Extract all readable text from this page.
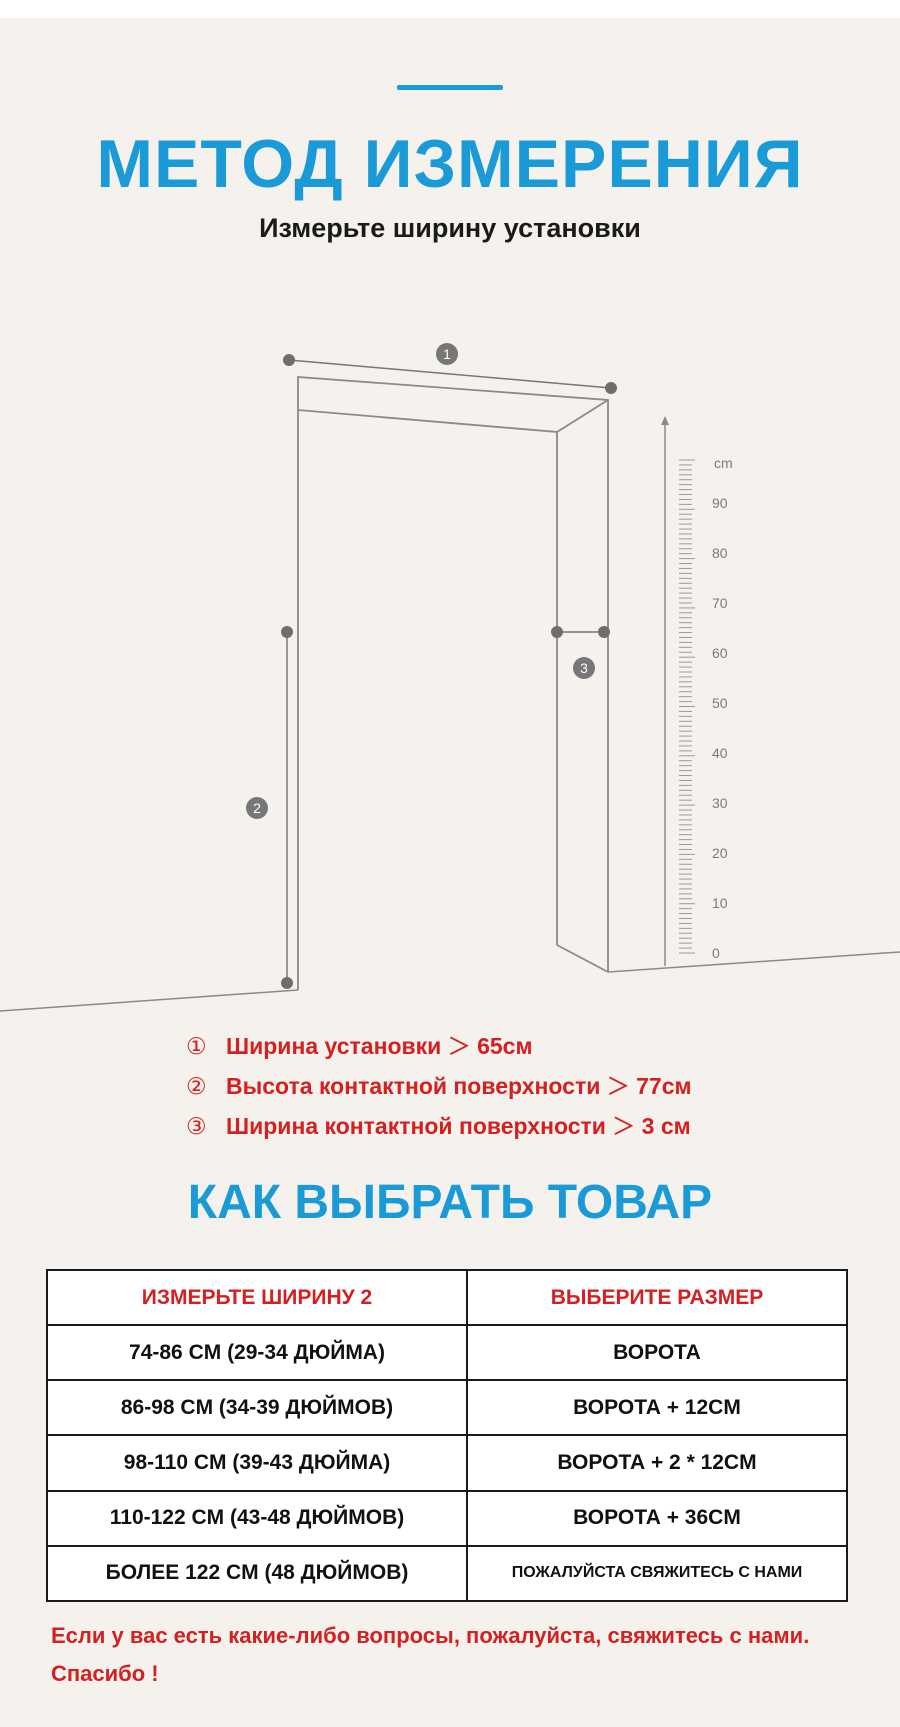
МЕТОД ИЗМЕРЕНИЯ
Измерьте ширину установки
1
2
3
cm
90
80
70
60
50
40
30
20
10
0
① Ширина установки ＞ 65cм
② Высота контактной поверхности ＞ 77cм
③ Ширина контактной поверхности ＞ 3 cм
КАК ВЫБРАТЬ ТОВАР
ИЗМЕРЬТЕ ШИРИНУ 2	ВЫБЕРИТЕ РАЗМЕР
74-86 CM (29-34 ДЮЙМА)	ВОРОТА
86-98 CM (34-39 ДЮЙМОВ)	ВОРОТА + 12CM
98-110 CM (39-43 ДЮЙМА)	ВОРОТА + 2 * 12CM
110-122 CM (43-48 ДЮЙМОВ)	ВОРОТА + 36CM
БОЛЕЕ 122 CM (48 ДЮЙМОВ)	ПОЖАЛУЙСТА СВЯЖИТЕСЬ С НАМИ
Если у вас есть какие-либо вопросы, пожалуйста, свяжитесь с нами.
Спасибо !
